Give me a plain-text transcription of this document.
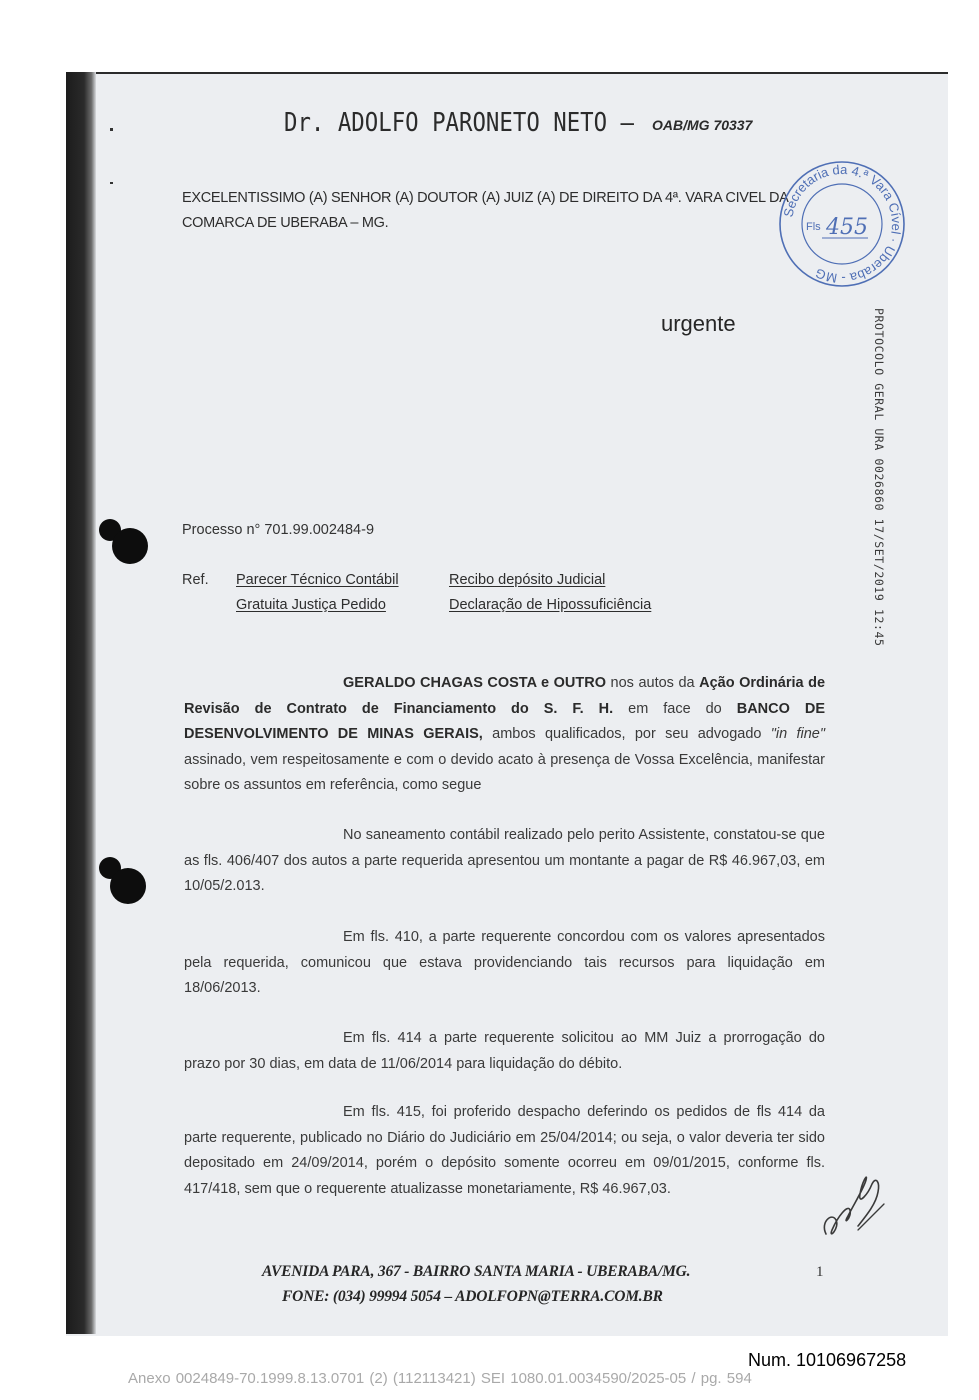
Dr. ADOLFO PARONETO NETO – OAB/MG 70337
EXCELENTISSIMO (A) SENHOR (A) DOUTOR (A) JUIZ (A) DE DIREITO DA 4ª. VARA CIVEL DA
COMARCA DE UBERABA – MG.
Secretaria da 4.ª Vara Cível · Uberaba - MG
Fls 455
urgente	PROTOCOLO GERAL URA 0026860 17/SET/2019 12:45
Processo n° 701.99.002484-9
Ref. Parecer Técnico Contábil	Recibo depósito Judicial
Gratuita Justiça Pedido	Declaração de Hipossuficiência
GERALDO CHAGAS COSTA e OUTRO nos autos da Ação Ordinária de Revisão de Contrato de Financiamento do S. F. H. em face do BANCO DE DESENVOLVIMENTO DE MINAS GERAIS, ambos qualificados, por seu advogado "in fine" assinado, vem respeitosamente e com o devido acato à presença de Vossa Excelência, manifestar sobre os assuntos em referência, como segue
No saneamento contábil realizado pelo perito Assistente, constatou-se que as fls. 406/407 dos autos a parte requerida apresentou um montante a pagar de R$ 46.967,03, em 10/05/2.013.
Em fls. 410, a parte requerente concordou com os valores apresentados pela requerida, comunicou que estava providenciando tais recursos para liquidação em 18/06/2013.
Em fls. 414 a parte requerente solicitou ao MM Juiz a prorrogação do prazo por 30 dias, em data de 11/06/2014 para liquidação do débito.
Em fls. 415, foi proferido despacho deferindo os pedidos de fls 414 da parte requerente, publicado no Diário do Judiciário em 25/04/2014; ou seja, o valor deveria ter sido depositado em 24/09/2014, porém o depósito somente ocorreu em 09/01/2015, conforme fls. 417/418, sem que o requerente atualizasse monetariamente, R$ 46.967,03.
AVENIDA PARA, 367 - BAIRRO SANTA MARIA - UBERABA/MG.	1
FONE: (034) 99994 5054 – ADOLFOPN@TERRA.COM.BR
Num. 10106967258
Anexo 0024849-70.1999.8.13.0701 (2) (112113421) SEI 1080.01.0034590/2025-05 / pg. 594
